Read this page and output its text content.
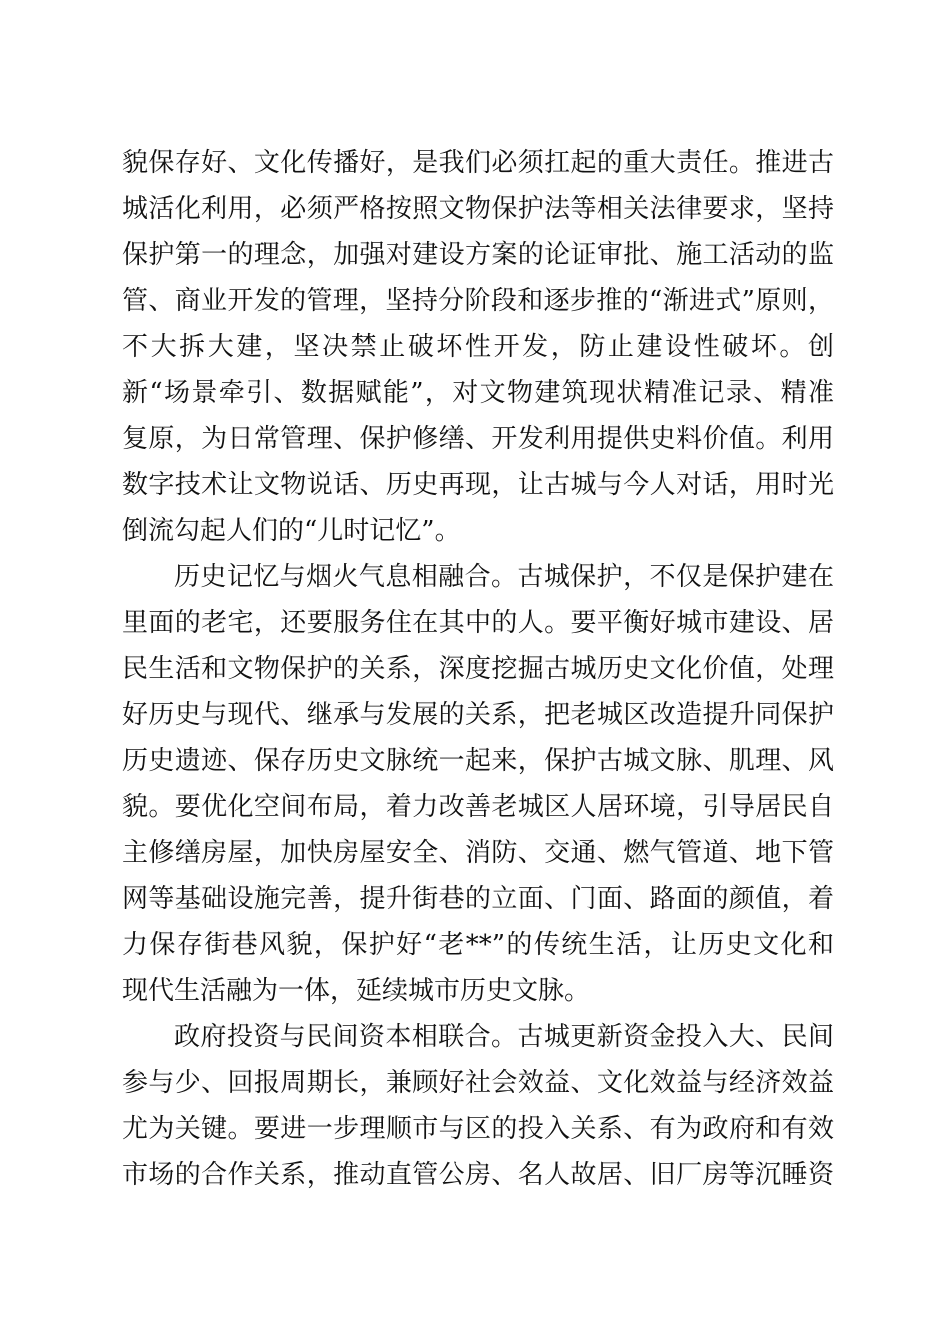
貌保存好、文化传播好，是我们必须扛起的重大责任。推进古
城活化利用，必须严格按照文物保护法等相关法律要求，坚持
保护第一的理念，加强对建设方案的论证审批、施工活动的监
管、商业开发的管理，坚持分阶段和逐步推的“渐进式”原则，
不大拆大建，坚决禁止破坏性开发，防止建设性破坏。创
新“场景牵引、数据赋能”，对文物建筑现状精准记录、精准
复原，为日常管理、保护修缮、开发利用提供史料价值。利用
数字技术让文物说话、历史再现，让古城与今人对话，用时光
倒流勾起人们的“儿时记忆”。
历史记忆与烟火气息相融合。古城保护，不仅是保护建在
里面的老宅，还要服务住在其中的人。要平衡好城市建设、居
民生活和文物保护的关系，深度挖掘古城历史文化价值，处理
好历史与现代、继承与发展的关系，把老城区改造提升同保护
历史遗迹、保存历史文脉统一起来，保护古城文脉、肌理、风
貌。要优化空间布局，着力改善老城区人居环境，引导居民自
主修缮房屋，加快房屋安全、消防、交通、燃气管道、地下管
网等基础设施完善，提升街巷的立面、门面、路面的颜值，着
力保存街巷风貌，保护好“老**”的传统生活，让历史文化和
现代生活融为一体，延续城市历史文脉。
政府投资与民间资本相联合。古城更新资金投入大、民间
参与少、回报周期长，兼顾好社会效益、文化效益与经济效益
尤为关键。要进一步理顺市与区的投入关系、有为政府和有效
市场的合作关系，推动直管公房、名人故居、旧厂房等沉睡资
